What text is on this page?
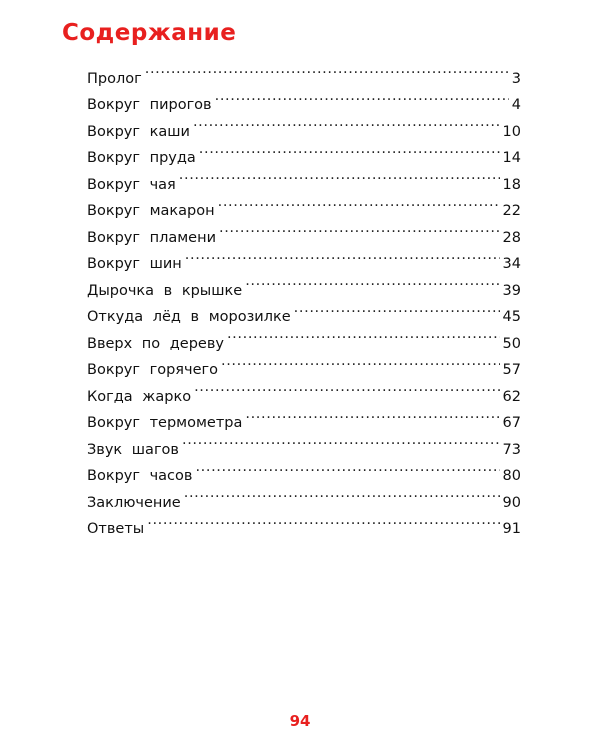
Содержание
Пролог . . .	3
Вокруг пирогов . . .	4
Вокруг каши . . .	10
Вокруг пруда . . .	14
Вокруг чая . . .	18
Вокруг макарон . . .	22
Вокруг пламени . . .	28
Вокруг шин . . .	34
Дырочка в крышке . . .	39
Откуда лёд в морозилке . . .	45
Вверх по дереву . . .	50
Вокруг горячего . . .	57
Когда жарко . . .	62
Вокруг термометра . . .	67
Звук шагов . . .	73
Вокруг часов . . .	80
Заключение . . .	90
Ответы . . .	91
94
